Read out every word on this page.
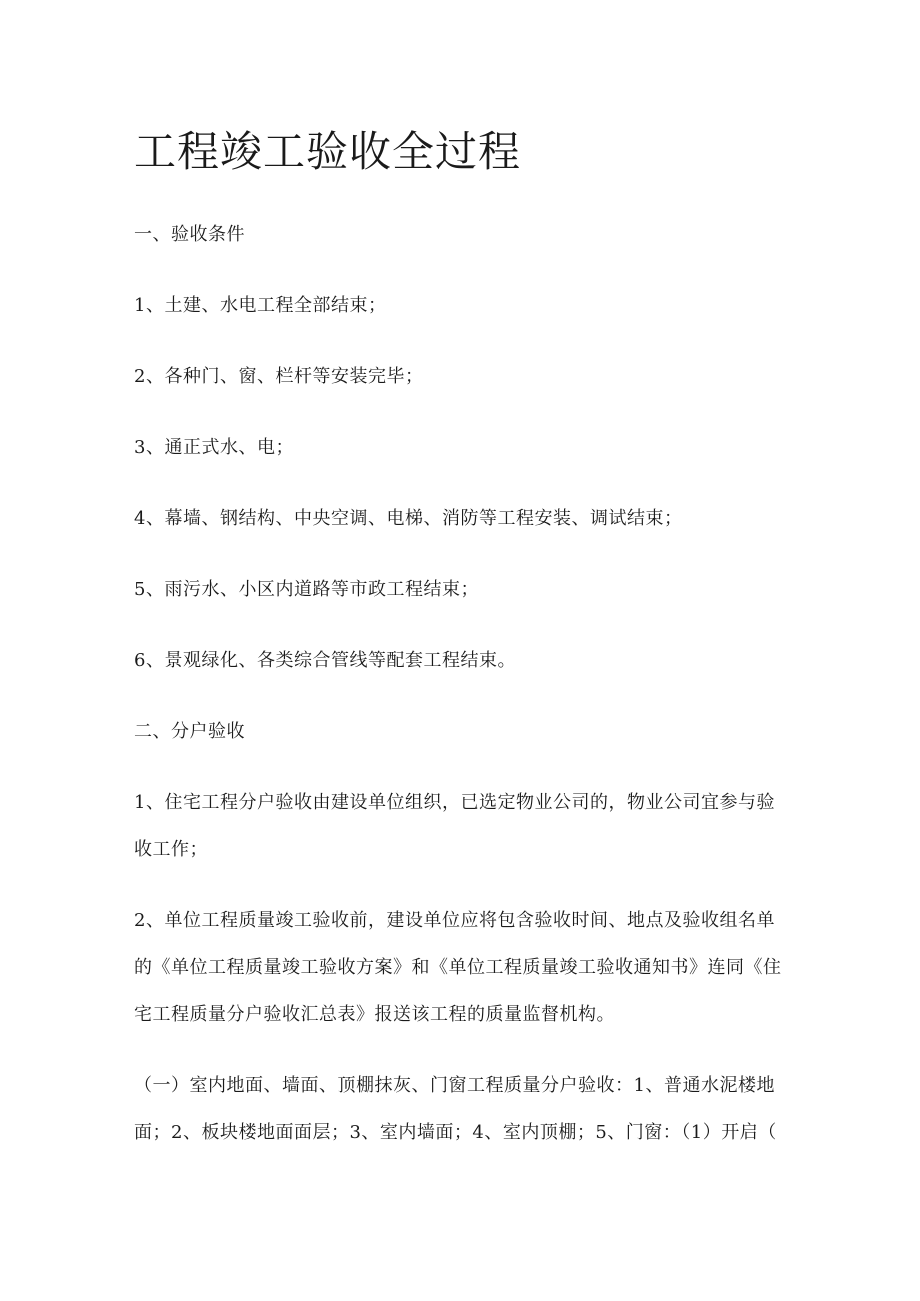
工程竣工验收全过程
一、验收条件
1、土建、水电工程全部结束；
2、各种门、窗、栏杆等安装完毕；
3、通正式水、电；
4、幕墙、钢结构、中央空调、电梯、消防等工程安装、调试结束；
5、雨污水、小区内道路等市政工程结束；
6、景观绿化、各类综合管线等配套工程结束。
二、分户验收
1、住宅工程分户验收由建设单位组织，已选定物业公司的，物业公司宜参与验
收工作；
2、单位工程质量竣工验收前，建设单位应将包含验收时间、地点及验收组名单
的《单位工程质量竣工验收方案》和《单位工程质量竣工验收通知书》连同《住
宅工程质量分户验收汇总表》报送该工程的质量监督机构。
（一）室内地面、墙面、顶棚抹灰、门窗工程质量分户验收：1、普通水泥楼地
面；2、板块楼地面面层；3、室内墙面；4、室内顶棚；5、门窗：（1）开启（
